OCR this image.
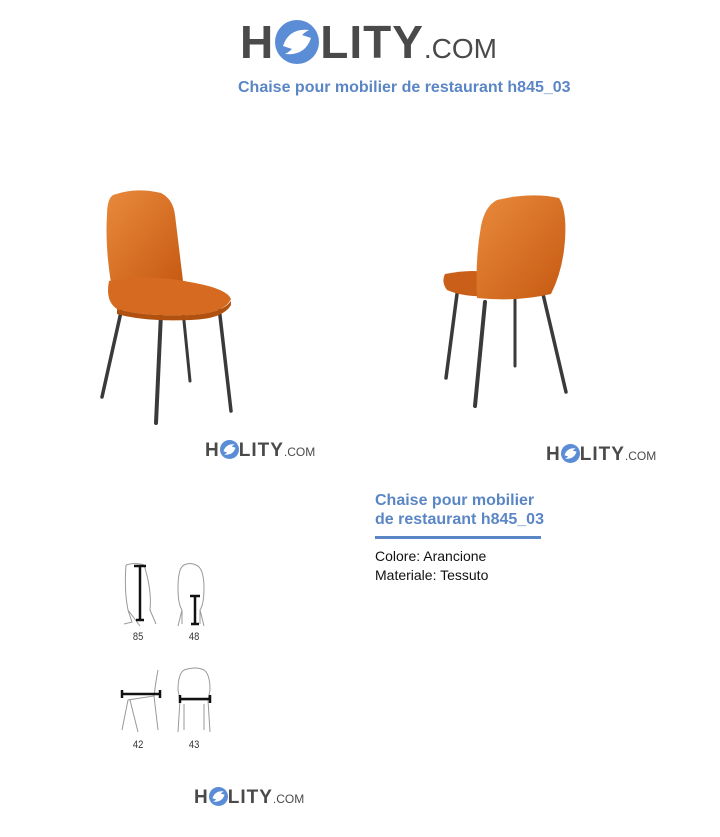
H LITY .COM
Chaise pour mobilier de restaurant h845_03
H LITY .COM	H LITY .COM
Chaise pour mobilier
de restaurant h845_03
Colore: Arancione
Materiale: Tessuto
85	48
42	43
H LITY .COM
